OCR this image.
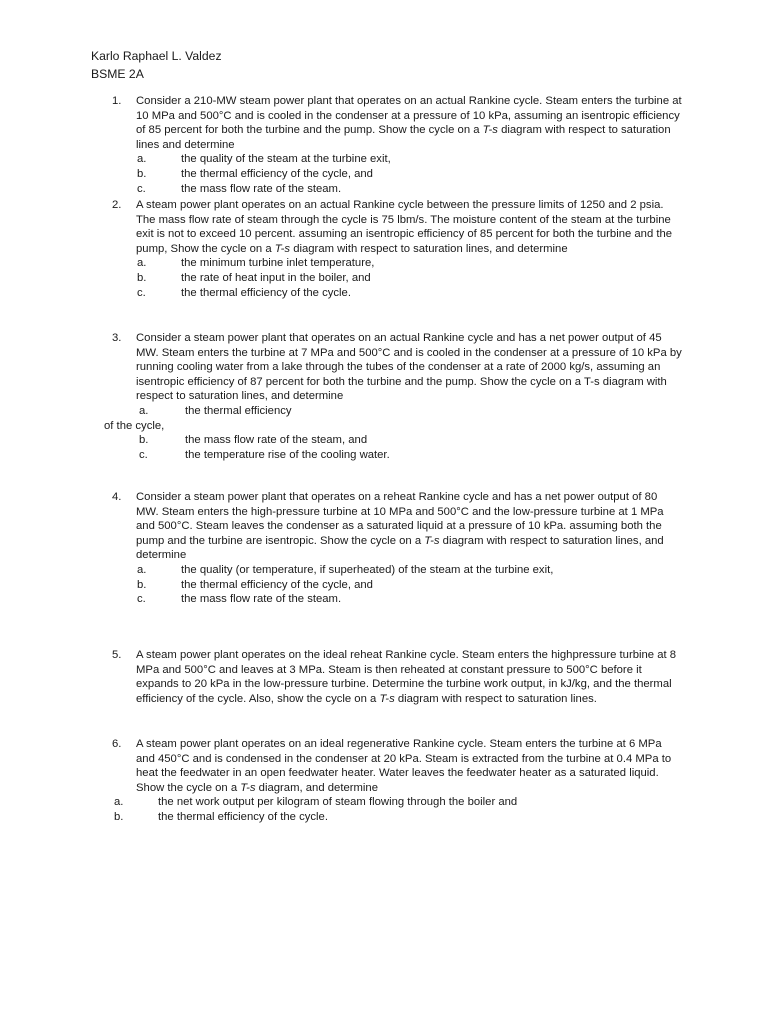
Karlo Raphael L. Valdez
BSME 2A
1.	Consider a 210-MW steam power plant that operates on an actual Rankine cycle. Steam enters the turbine at 10 MPa and 500°C and is cooled in the condenser at a pressure of 10 kPa, assuming an isentropic efficiency of 85 percent for both the turbine and the pump. Show the cycle on a T-s diagram with respect to saturation lines and determine
a.	the quality of the steam at the turbine exit,
b.	the thermal efficiency of the cycle, and
c.	the mass flow rate of the steam.
2.	A steam power plant operates on an actual Rankine cycle between the pressure limits of 1250 and 2 psia. The mass flow rate of steam through the cycle is 75 lbm/s. The moisture content of the steam at the turbine exit is not to exceed 10 percent. assuming an isentropic efficiency of 85 percent for both the turbine and the pump, Show the cycle on a T-s diagram with respect to saturation lines, and determine
a.	the minimum turbine inlet temperature,
b.	the rate of heat input in the boiler, and
c.	the thermal efficiency of the cycle.
3.	Consider a steam power plant that operates on an actual Rankine cycle and has a net power output of 45 MW. Steam enters the turbine at 7 MPa and 500°C and is cooled in the condenser at a pressure of 10 kPa by running cooling water from a lake through the tubes of the condenser at a rate of 2000 kg/s, assuming an isentropic efficiency of 87 percent for both the turbine and the pump. Show the cycle on a T-s diagram with respect to saturation lines, and determine
a.	the thermal efficiency
of the cycle,
b.	the mass flow rate of the steam, and
c.	the temperature rise of the cooling water.
4.	Consider a steam power plant that operates on a reheat Rankine cycle and has a net power output of 80 MW. Steam enters the high-pressure turbine at 10 MPa and 500°C and the low-pressure turbine at 1 MPa and 500°C. Steam leaves the condenser as a saturated liquid at a pressure of 10 kPa. assuming both the pump and the turbine are isentropic. Show the cycle on a T-s diagram with respect to saturation lines, and determine
a.	the quality (or temperature, if superheated) of the steam at the turbine exit,
b.	the thermal efficiency of the cycle, and
c.	the mass flow rate of the steam.
5.	A steam power plant operates on the ideal reheat Rankine cycle. Steam enters the highpressure turbine at 8 MPa and 500°C and leaves at 3 MPa. Steam is then reheated at constant pressure to 500°C before it expands to 20 kPa in the low-pressure turbine. Determine the turbine work output, in kJ/kg, and the thermal efficiency of the cycle. Also, show the cycle on a T-s diagram with respect to saturation lines.
6.	A steam power plant operates on an ideal regenerative Rankine cycle. Steam enters the turbine at 6 MPa and 450°C and is condensed in the condenser at 20 kPa. Steam is extracted from the turbine at 0.4 MPa to heat the feedwater in an open feedwater heater. Water leaves the feedwater heater as a saturated liquid. Show the cycle on a T-s diagram, and determine
a.	the net work output per kilogram of steam flowing through the boiler and
b.	the thermal efficiency of the cycle.
